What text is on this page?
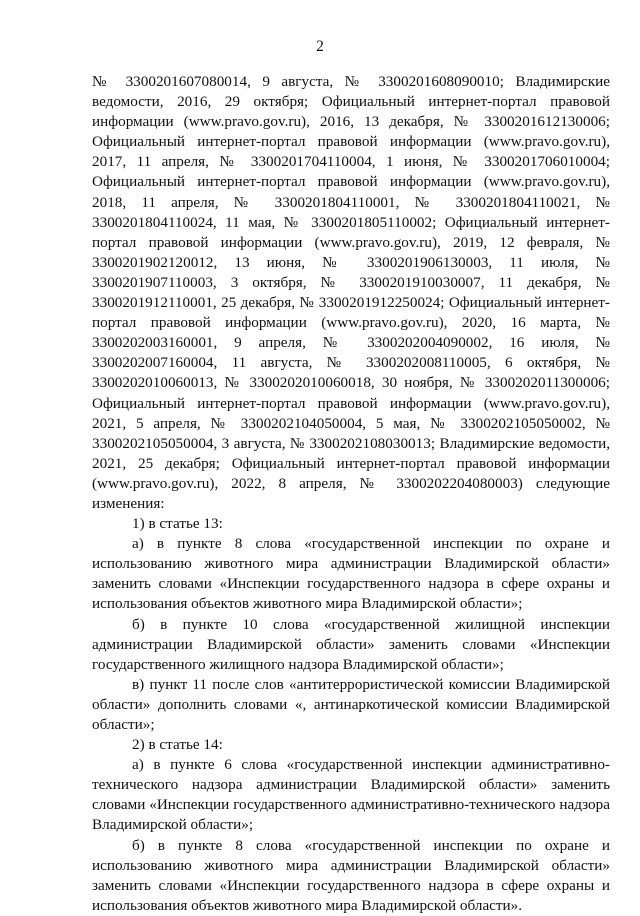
2

№ 3300201607080014, 9 августа, № 3300201608090010; Владимирские ведомости, 2016, 29 октября; Официальный интернет-портал правовой информации (www.pravo.gov.ru), 2016, 13 декабря, № 3300201612130006; Официальный интернет-портал правовой информации (www.pravo.gov.ru), 2017, 11 апреля, № 3300201704110004, 1 июня, № 3300201706010004; Официальный интернет-портал правовой информации (www.pravo.gov.ru), 2018, 11 апреля, № 3300201804110001, № 3300201804110021, № 3300201804110024, 11 мая, № 3300201805110002; Официальный интернет-портал правовой информации (www.pravo.gov.ru), 2019, 12 февраля, № 3300201902120012, 13 июня, № 3300201906130003, 11 июля, № 3300201907110003, 3 октября, № 3300201910030007, 11 декабря, № 3300201912110001, 25 декабря, № 3300201912250024; Официальный интернет-портал правовой информации (www.pravo.gov.ru), 2020, 16 марта, № 3300202003160001, 9 апреля, № 3300202004090002, 16 июля, № 3300202007160004, 11 августа, № 3300202008110005, 6 октября, № 3300202010060013, № 3300202010060018, 30 ноября, № 3300202011300006; Официальный интернет-портал правовой информации (www.pravo.gov.ru), 2021, 5 апреля, № 3300202104050004, 5 мая, № 3300202105050002, № 3300202105050004, 3 августа, № 3300202108030013; Владимирские ведомости, 2021, 25 декабря; Официальный интернет-портал правовой информации (www.pravo.gov.ru), 2022, 8 апреля, № 3300202204080003) следующие изменения:

1) в статье 13:

а) в пункте 8 слова «государственной инспекции по охране и использованию животного мира администрации Владимирской области» заменить словами «Инспекции государственного надзора в сфере охраны и использования объектов животного мира Владимирской области»;

б) в пункте 10 слова «государственной жилищной инспекции администрации Владимирской области» заменить словами «Инспекции государственного жилищного надзора Владимирской области»;

в) пункт 11 после слов «антитеррористической комиссии Владимирской области» дополнить словами «, антинаркотической комиссии Владимирской области»;

2) в статье 14:

а) в пункте 6 слова «государственной инспекции административно-технического надзора администрации Владимирской области» заменить словами «Инспекции государственного административно-технического надзора Владимирской области»;

б) в пункте 8 слова «государственной инспекции по охране и использованию животного мира администрации Владимирской области» заменить словами «Инспекции государственного надзора в сфере охраны и использования объектов животного мира Владимирской области».
